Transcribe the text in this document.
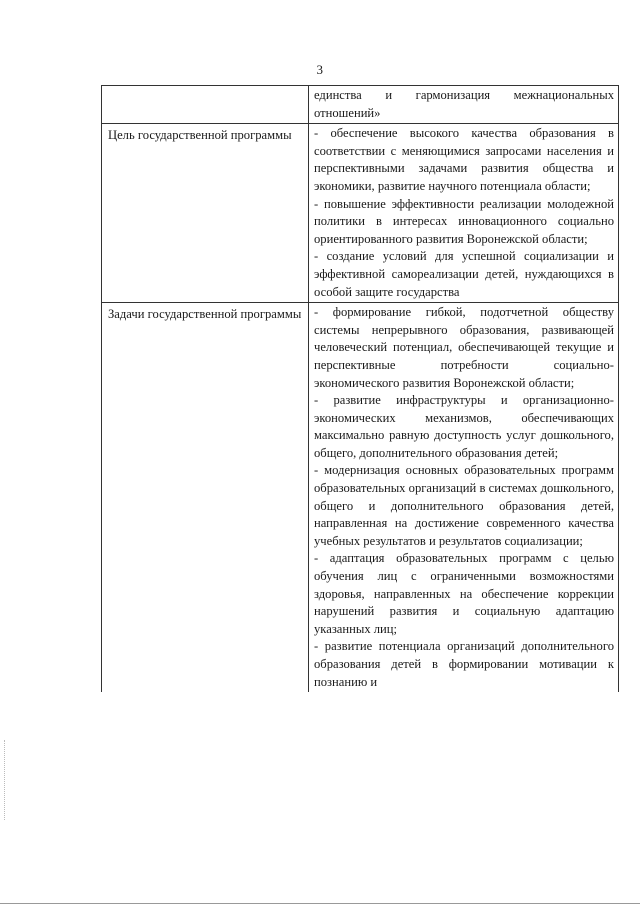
3

	единства и гармонизация межнациональных отношений»

Цель государственной программы	- обеспечение высокого качества образования в соответствии с меняющимися запросами населения и перспективными задачами развития общества и экономики, развитие научного потенциала области;
- повышение эффективности реализации молодежной политики в интересах инновационного социально ориентированного развития Воронежской области;
- создание условий для успешной социализации и эффективной самореализации детей, нуждающихся в особой защите государства

Задачи государственной программы	- формирование гибкой, подотчетной обществу системы непрерывного образования, развивающей человеческий потенциал, обеспечивающей текущие и перспективные потребности социально-экономического развития Воронежской области;
- развитие инфраструктуры и организационно-экономических механизмов, обеспечивающих максимально равную доступность услуг дошкольного, общего, дополнительного образования детей;
- модернизация основных образовательных программ образовательных организаций в системах дошкольного, общего и дополнительного образования детей, направленная на достижение современного качества учебных результатов и результатов социализации;
- адаптация образовательных программ с целью обучения лиц с ограниченными возможностями здоровья, направленных на обеспечение коррекции нарушений развития и социальную адаптацию указанных лиц;
- развитие потенциала организаций дополнительного образования детей в формировании мотивации к познанию и
